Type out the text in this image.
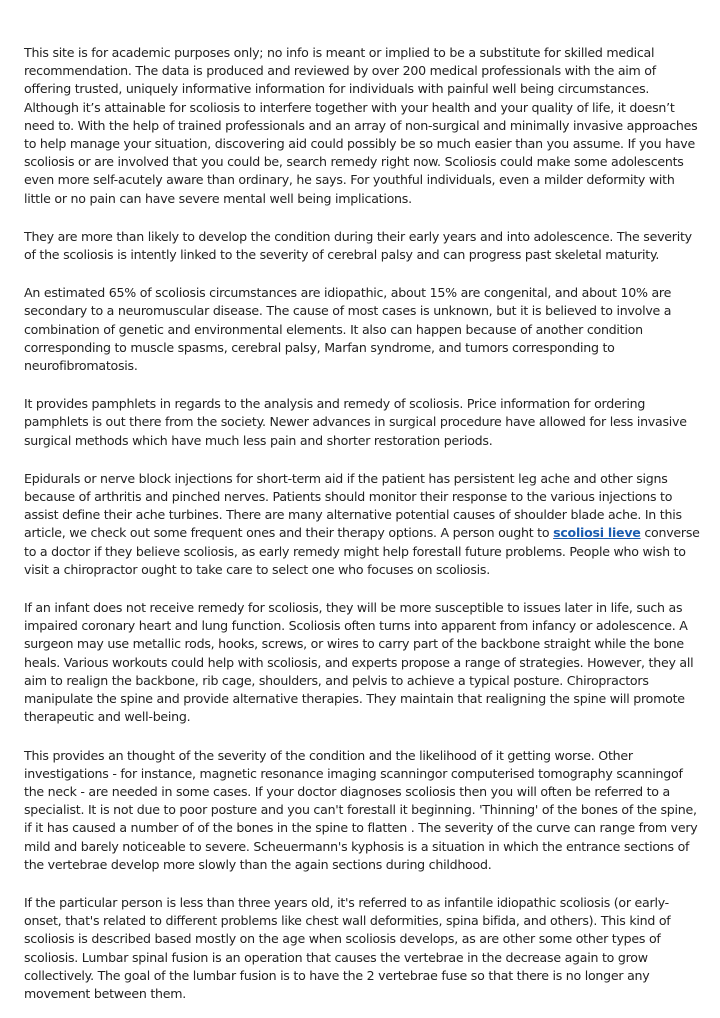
This site is for academic purposes only; no info is meant or implied to be a substitute for skilled medical recommendation. The data is produced and reviewed by over 200 medical professionals with the aim of offering trusted, uniquely informative information for individuals with painful well being circumstances. Although it’s attainable for scoliosis to interfere together with your health and your quality of life, it doesn’t need to. With the help of trained professionals and an array of non-surgical and minimally invasive approaches to help manage your situation, discovering aid could possibly be so much easier than you assume. If you have scoliosis or are involved that you could be, search remedy right now. Scoliosis could make some adolescents even more self-acutely aware than ordinary, he says. For youthful individuals, even a milder deformity with little or no pain can have severe mental well being implications.

They are more than likely to develop the condition during their early years and into adolescence. The severity of the scoliosis is intently linked to the severity of cerebral palsy and can progress past skeletal maturity.

An estimated 65% of scoliosis circumstances are idiopathic, about 15% are congenital, and about 10% are secondary to a neuromuscular disease. The cause of most cases is unknown, but it is believed to involve a combination of genetic and environmental elements. It also can happen because of another condition corresponding to muscle spasms, cerebral palsy, Marfan syndrome, and tumors corresponding to neurofibromatosis.

It provides pamphlets in regards to the analysis and remedy of scoliosis. Price information for ordering pamphlets is out there from the society. Newer advances in surgical procedure have allowed for less invasive surgical methods which have much less pain and shorter restoration periods.

Epidurals or nerve block injections for short-term aid if the patient has persistent leg ache and other signs because of arthritis and pinched nerves. Patients should monitor their response to the various injections to assist define their ache turbines. There are many alternative potential causes of shoulder blade ache. In this article, we check out some frequent ones and their therapy options. A person ought to scoliosi lieve converse to a doctor if they believe scoliosis, as early remedy might help forestall future problems. People who wish to visit a chiropractor ought to take care to select one who focuses on scoliosis.

If an infant does not receive remedy for scoliosis, they will be more susceptible to issues later in life, such as impaired coronary heart and lung function. Scoliosis often turns into apparent from infancy or adolescence. A surgeon may use metallic rods, hooks, screws, or wires to carry part of the backbone straight while the bone heals. Various workouts could help with scoliosis, and experts propose a range of strategies. However, they all aim to realign the backbone, rib cage, shoulders, and pelvis to achieve a typical posture. Chiropractors manipulate the spine and provide alternative therapies. They maintain that realigning the spine will promote therapeutic and well-being.

This provides an thought of the severity of the condition and the likelihood of it getting worse. Other investigations - for instance, magnetic resonance imaging scanningor computerised tomography scanningof the neck - are needed in some cases. If your doctor diagnoses scoliosis then you will often be referred to a specialist. It is not due to poor posture and you can't forestall it beginning. 'Thinning' of the bones of the spine, if it has caused a number of of the bones in the spine to flatten . The severity of the curve can range from very mild and barely noticeable to severe. Scheuermann's kyphosis is a situation in which the entrance sections of the vertebrae develop more slowly than the again sections during childhood.

If the particular person is less than three years old, it's referred to as infantile idiopathic scoliosis (or early-onset, that's related to different problems like chest wall deformities, spina bifida, and others). This kind of scoliosis is described based mostly on the age when scoliosis develops, as are other some other types of scoliosis. Lumbar spinal fusion is an operation that causes the vertebrae in the decrease again to grow collectively. The goal of the lumbar fusion is to have the 2 vertebrae fuse so that there is no longer any movement between them.
